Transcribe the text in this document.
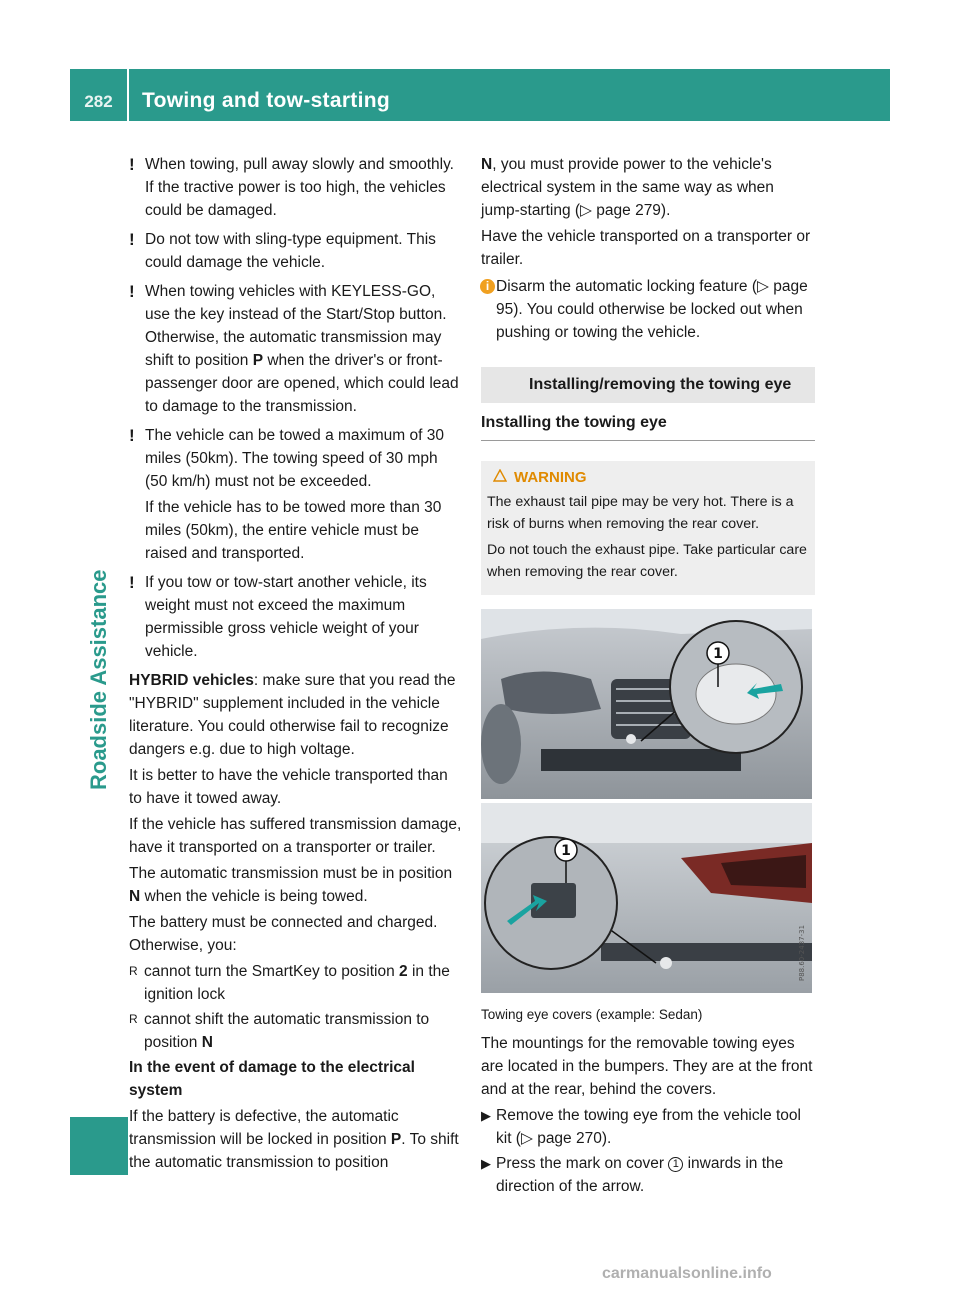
282	Towing and tow-starting
Roadside Assistance
! When towing, pull away slowly and smoothly. If the tractive power is too high, the vehicles could be damaged.
! Do not tow with sling-type equipment. This could damage the vehicle.
! When towing vehicles with KEYLESS-GO, use the key instead of the Start/Stop button. Otherwise, the automatic transmission may shift to position P when the driver's or front-passenger door are opened, which could lead to damage to the transmission.
! The vehicle can be towed a maximum of 30 miles (50km). The towing speed of 30 mph (50 km/h) must not be exceeded.

If the vehicle has to be towed more than 30 miles (50km), the entire vehicle must be raised and transported.

! If you tow or tow-start another vehicle, its weight must not exceed the maximum permissible gross vehicle weight of your vehicle.

HYBRID vehicles: make sure that you read the "HYBRID" supplement included in the vehicle literature. You could otherwise fail to recognize dangers e.g. due to high voltage.

It is better to have the vehicle transported than to have it towed away.

If the vehicle has suffered transmission damage, have it transported on a transporter or trailer.

The automatic transmission must be in position N when the vehicle is being towed.

The battery must be connected and charged. Otherwise, you:

R cannot turn the SmartKey to position 2 in the ignition lock
R cannot shift the automatic transmission to position N

In the event of damage to the electrical system

If the battery is defective, the automatic transmission will be locked in position P. To shift the automatic transmission to position

N, you must provide power to the vehicle's electrical system in the same way as when jump-starting (▷ page 279).

Have the vehicle transported on a transporter or trailer.

i Disarm the automatic locking feature (▷ page 95). You could otherwise be locked out when pushing or towing the vehicle.
Installing/removing the towing eye
Installing the towing eye
WARNING

The exhaust tail pipe may be very hot. There is a risk of burns when removing the rear cover.

Do not touch the exhaust pipe. Take particular care when removing the rear cover.

1
1
P88.60-2437-31

Towing eye covers (example: Sedan)

The mountings for the removable towing eyes are located in the bumpers. They are at the front and at the rear, behind the covers.

▶ Remove the towing eye from the vehicle tool kit (▷ page 270).
▶ Press the mark on cover 1 inwards in the direction of the arrow.
carmanualsonline.info
